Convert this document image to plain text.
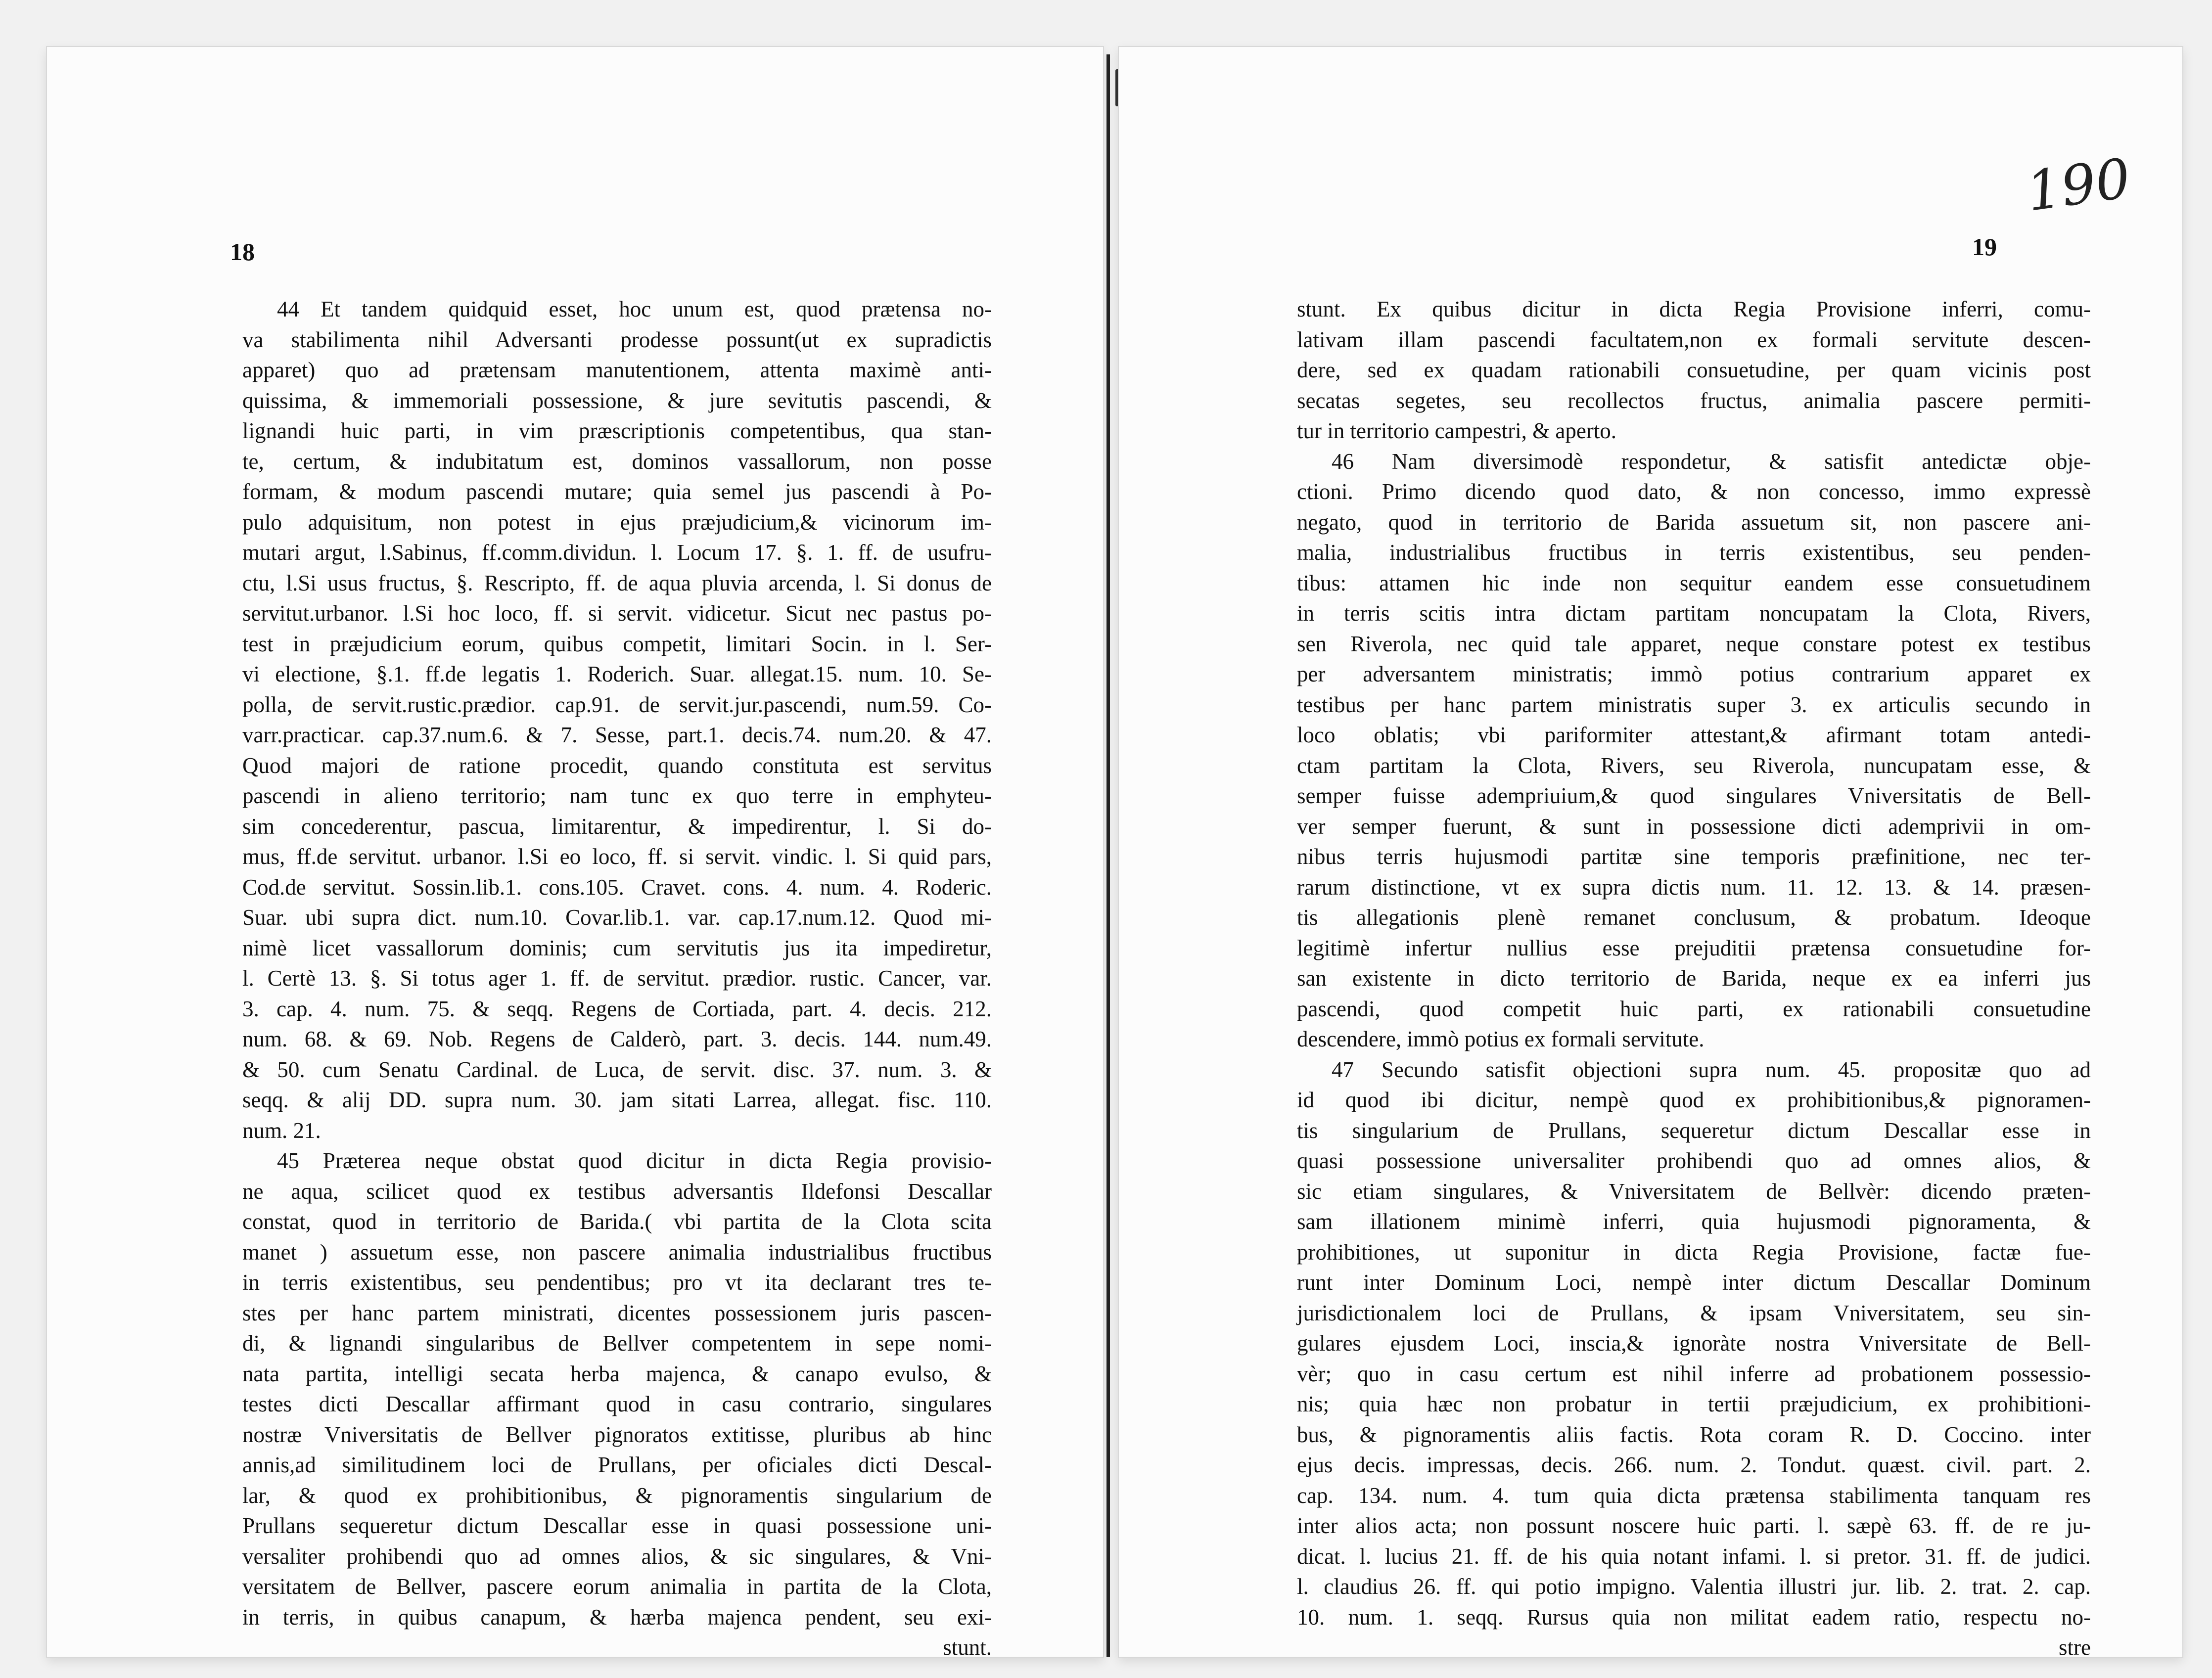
18
44 Et tandem quidquid esset, hoc unum est, quod prætensa no-
va stabilimenta nihil Adversanti prodesse possunt(ut ex supradictis
apparet) quo ad prætensam manutentionem, attenta maximè anti-
quissima, & immemoriali possessione, & jure sevitutis pascendi, &
lignandi huic parti, in vim præscriptionis competentibus, qua stan-
te, certum, & indubitatum est, dominos vassallorum, non posse
formam, & modum pascendi mutare; quia semel jus pascendi à Po-
pulo adquisitum, non potest in ejus præjudicium,& vicinorum im-
mutari argut, l.Sabinus, ff.comm.dividun. l. Locum 17. §. 1. ff. de usufru-
ctu, l.Si usus fructus, §. Rescripto, ff. de aqua pluvia arcenda, l. Si donus de
servitut.urbanor. l.Si hoc loco, ff. si servit. vidicetur. Sicut nec pastus po-
test in præjudicium eorum, quibus competit, limitari Socin. in l. Ser-
vi electione, §.1. ff.de legatis 1. Roderich. Suar. allegat.15. num. 10. Se-
polla, de servit.rustic.prædior. cap.91. de servit.jur.pascendi, num.59. Co-
varr.practicar. cap.37.num.6. & 7. Sesse, part.1. decis.74. num.20. & 47.
Quod majori de ratione procedit, quando constituta est servitus
pascendi in alieno territorio; nam tunc ex quo terre in emphyteu-
sim concederentur, pascua, limitarentur, & impedirentur, l. Si do-
mus, ff.de servitut. urbanor. l.Si eo loco, ff. si servit. vindic. l. Si quid pars,
Cod.de servitut. Sossin.lib.1. cons.105. Cravet. cons. 4. num. 4. Roderic.
Suar. ubi supra dict. num.10. Covar.lib.1. var. cap.17.num.12. Quod mi-
nimè licet vassallorum dominis; cum servitutis jus ita impediretur,
l. Certè 13. §. Si totus ager 1. ff. de servitut. prædior. rustic. Cancer, var.
3. cap. 4. num. 75. & seqq. Regens de Cortiada, part. 4. decis. 212.
num. 68. & 69. Nob. Regens de Calderò, part. 3. decis. 144. num.49.
& 50. cum Senatu Cardinal. de Luca, de servit. disc. 37. num. 3. &
seqq. & alij DD. supra num. 30. jam sitati Larrea, allegat. fisc. 110.
num. 21.
45 Præterea neque obstat quod dicitur in dicta Regia provisio-
ne aqua, scilicet quod ex testibus adversantis Ildefonsi Descallar
constat, quod in territorio de Barida.( vbi partita de la Clota scita
manet ) assuetum esse, non pascere animalia industrialibus fructibus
in terris existentibus, seu pendentibus; pro vt ita declarant tres te-
stes per hanc partem ministrati, dicentes possessionem juris pascen-
di, & lignandi singularibus de Bellver competentem in sepe nomi-
nata partita, intelligi secata herba majenca, & canapo evulso, &
testes dicti Descallar affirmant quod in casu contrario, singulares
nostræ Vniversitatis de Bellver pignoratos extitisse, pluribus ab hinc
annis,ad similitudinem loci de Prullans, per oficiales dicti Descal-
lar, & quod ex prohibitionibus, & pignoramentis singularium de
Prullans sequeretur dictum Descallar esse in quasi possessione uni-
versaliter prohibendi quo ad omnes alios, & sic singulares, & Vni-
versitatem de Bellver, pascere eorum animalia in partita de la Clota,
in terris, in quibus canapum, & hærba majenca pendent, seu exi-
stunt.
190
19
stunt. Ex quibus dicitur in dicta Regia Provisione inferri, comu-
lativam illam pascendi facultatem,non ex formali servitute descen-
dere, sed ex quadam rationabili consuetudine, per quam vicinis post
secatas segetes, seu recollectos fructus, animalia pascere permiti-
tur in territorio campestri, & aperto.
46 Nam diversimodè respondetur, & satisfit antedictæ obje-
ctioni. Primo dicendo quod dato, & non concesso, immo expressè
negato, quod in territorio de Barida assuetum sit, non pascere ani-
malia, industrialibus fructibus in terris existentibus, seu penden-
tibus: attamen hic inde non sequitur eandem esse consuetudinem
in terris scitis intra dictam partitam noncupatam la Clota, Rivers,
sen Riverola, nec quid tale apparet, neque constare potest ex testibus
per adversantem ministratis; immò potius contrarium apparet ex
testibus per hanc partem ministratis super 3. ex articulis secundo in
loco oblatis; vbi pariformiter attestant,& afirmant totam antedi-
ctam partitam la Clota, Rivers, seu Riverola, nuncupatam esse, &
semper fuisse adempriuium,& quod singulares Vniversitatis de Bell-
ver semper fuerunt, & sunt in possessione dicti ademprivii in om-
nibus terris hujusmodi partitæ sine temporis præfinitione, nec ter-
rarum distinctione, vt ex supra dictis num. 11. 12. 13. & 14. præsen-
tis allegationis plenè remanet conclusum, & probatum. Ideoque
legitimè infertur nullius esse prejuditii prætensa consuetudine for-
san existente in dicto territorio de Barida, neque ex ea inferri jus
pascendi, quod competit huic parti, ex rationabili consuetudine
descendere, immò potius ex formali servitute.
47 Secundo satisfit objectioni supra num. 45. propositæ quo ad
id quod ibi dicitur, nempè quod ex prohibitionibus,& pignoramen-
tis singularium de Prullans, sequeretur dictum Descallar esse in
quasi possessione universaliter prohibendi quo ad omnes alios, &
sic etiam singulares, & Vniversitatem de Bellvèr: dicendo præten-
sam illationem minimè inferri, quia hujusmodi pignoramenta, &
prohibitiones, ut suponitur in dicta Regia Provisione, factæ fue-
runt inter Dominum Loci, nempè inter dictum Descallar Dominum
jurisdictionalem loci de Prullans, & ipsam Vniversitatem, seu sin-
gulares ejusdem Loci, inscia,& ignoràte nostra Vniversitate de Bell-
vèr; quo in casu certum est nihil inferre ad probationem possessio-
nis; quia hæc non probatur in tertii præjudicium, ex prohibitioni-
bus, & pignoramentis aliis factis. Rota coram R. D. Coccino. inter
ejus decis. impressas, decis. 266. num. 2. Tondut. quæst. civil. part. 2.
cap. 134. num. 4. tum quia dicta prætensa stabilimenta tanquam res
inter alios acta; non possunt noscere huic parti. l. sæpè 63. ff. de re ju-
dicat. l. lucius 21. ff. de his quia notant infami. l. si pretor. 31. ff. de judici.
l. claudius 26. ff. qui potio impigno. Valentia illustri jur. lib. 2. trat. 2. cap.
10. num. 1. seqq. Rursus quia non militat eadem ratio, respectu no-
stre
